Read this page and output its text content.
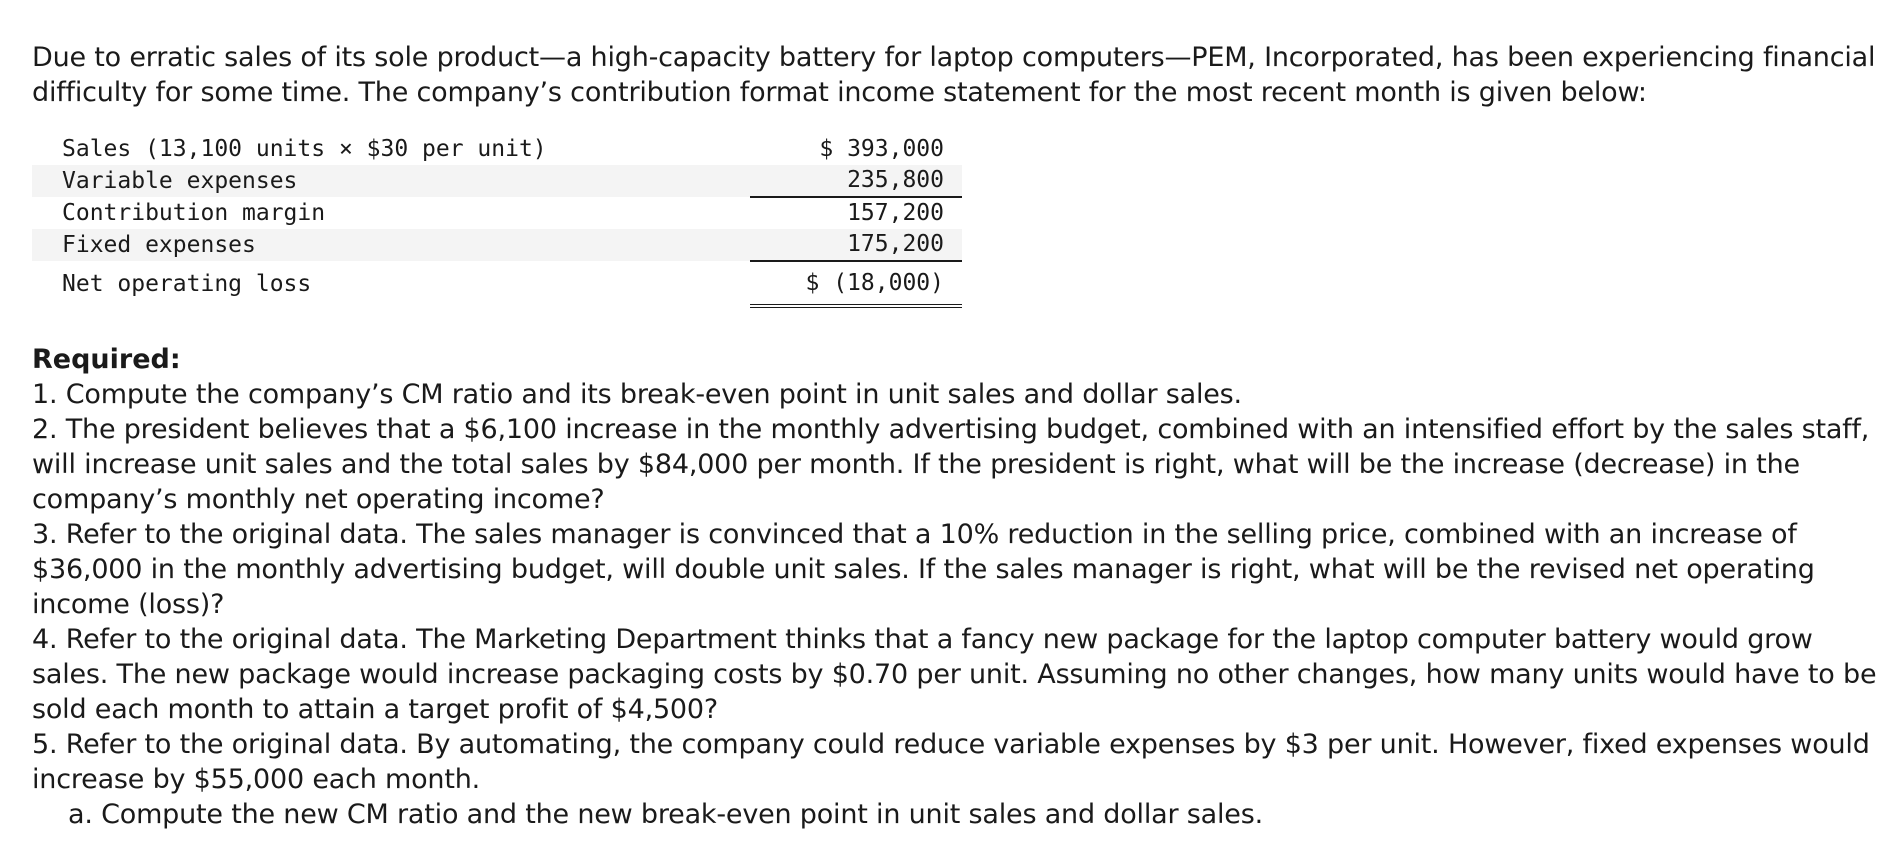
Due to erratic sales of its sole product—a high-capacity battery for laptop computers—PEM, Incorporated, has been experiencing financial difficulty for some time. The company’s contribution format income statement for the most recent month is given below:

Sales (13,100 units × $30 per unit)	$ 393,000
Variable expenses	235,800
Contribution margin	157,200
Fixed expenses	175,200
Net operating loss	$ (18,000)
Required:

1. Compute the company’s CM ratio and its break-even point in unit sales and dollar sales.

2. The president believes that a $6,100 increase in the monthly advertising budget, combined with an intensified effort by the sales staff, will increase unit sales and the total sales by $84,000 per month. If the president is right, what will be the increase (decrease) in the company’s monthly net operating income?

3. Refer to the original data. The sales manager is convinced that a 10% reduction in the selling price, combined with an increase of $36,000 in the monthly advertising budget, will double unit sales. If the sales manager is right, what will be the revised net operating income (loss)?

4. Refer to the original data. The Marketing Department thinks that a fancy new package for the laptop computer battery would grow sales. The new package would increase packaging costs by $0.70 per unit. Assuming no other changes, how many units would have to be sold each month to attain a target profit of $4,500?

5. Refer to the original data. By automating, the company could reduce variable expenses by $3 per unit. However, fixed expenses would increase by $55,000 each month.

a. Compute the new CM ratio and the new break-even point in unit sales and dollar sales.
